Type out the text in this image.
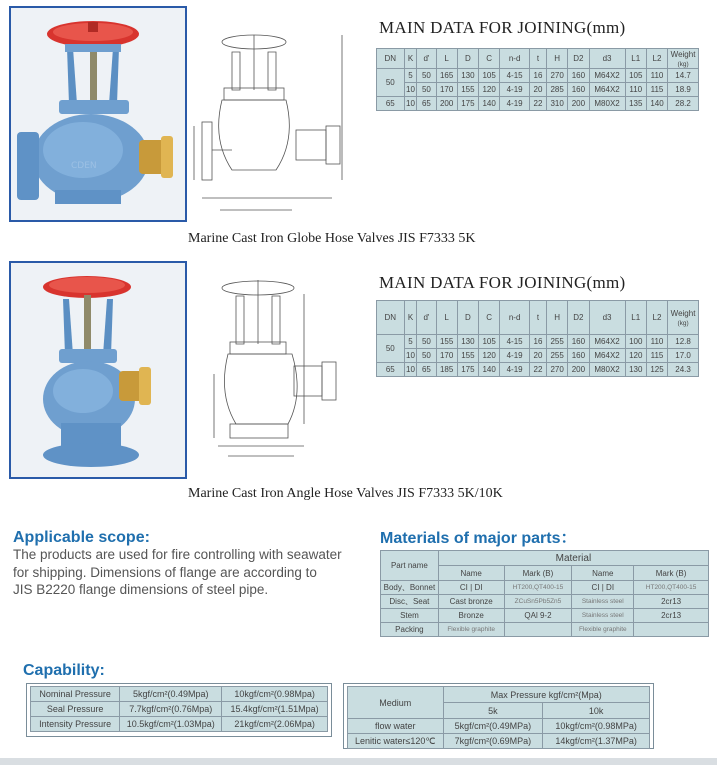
CDEN
MAIN DATA FOR JOINING(mm)
DN	K	d'	L	D	C	n-d	t	H	D2	d3	L1	L2	Weight
(kg)
50	5	50	165	130	105	4-15	16	270	160	M64X2	105	110	14.7
	10	50	170	155	120	4-19	20	285	160	M64X2	110	115	18.9
65	10	65	200	175	140	4-19	22	310	200	M80X2	135	140	28.2
Marine Cast Iron Globe Hose Valves JIS F7333 5K
MAIN DATA FOR JOINING(mm)
DN	K	d'	L	D	C	n-d	t	H	D2	d3	L1	L2	Weight
(kg)
50	5	50	155	130	105	4-15	16	255	160	M64X2	100	110	12.8
	10	50	170	155	120	4-19	20	255	160	M64X2	120	115	17.0
65	10	65	185	175	140	4-19	22	270	200	M80X2	130	125	24.3
Marine Cast Iron Angle Hose Valves JIS F7333 5K/10K
Applicable scope:
The products are used for fire controlling with seawater
for shipping. Dimensions of flange are according to
JIS B2220 flange dimensions of steel pipe.
Materials of major parts：
Part name	Material			
	Name	Mark (B)	Name	Mark (B)
Body、Bonnet	CI | DI	HT200,QT400-15	CI | DI	HT200,QT400-15
Disc、Seat	Cast bronze	ZCuSn5Pb5Zn5	Stainless steel	2cr13
Stem	Bronze	QAl 9-2	Stainless steel	2cr13
Packing	Flexible graphite		Flexible graphite	
Capability:
Nominal Pressure	5kgf/cm²(0.49Mpa)	10kgf/cm²(0.98Mpa)
Seal Pressure	7.7kgf/cm²(0.76Mpa)	15.4kgf/cm²(1.51Mpa)
Intensity Pressure	10.5kgf/cm²(1.03Mpa)	21kgf/cm²(2.06Mpa)
Medium	Max Pressure kgf/cm²(Mpa)	
	5k	10k
flow water	5kgf/cm²(0.49MPa)	10kgf/cm²(0.98MPa)
Lenitic water≤120℃	7kgf/cm²(0.69MPa)	14kgf/cm²(1.37MPa)
